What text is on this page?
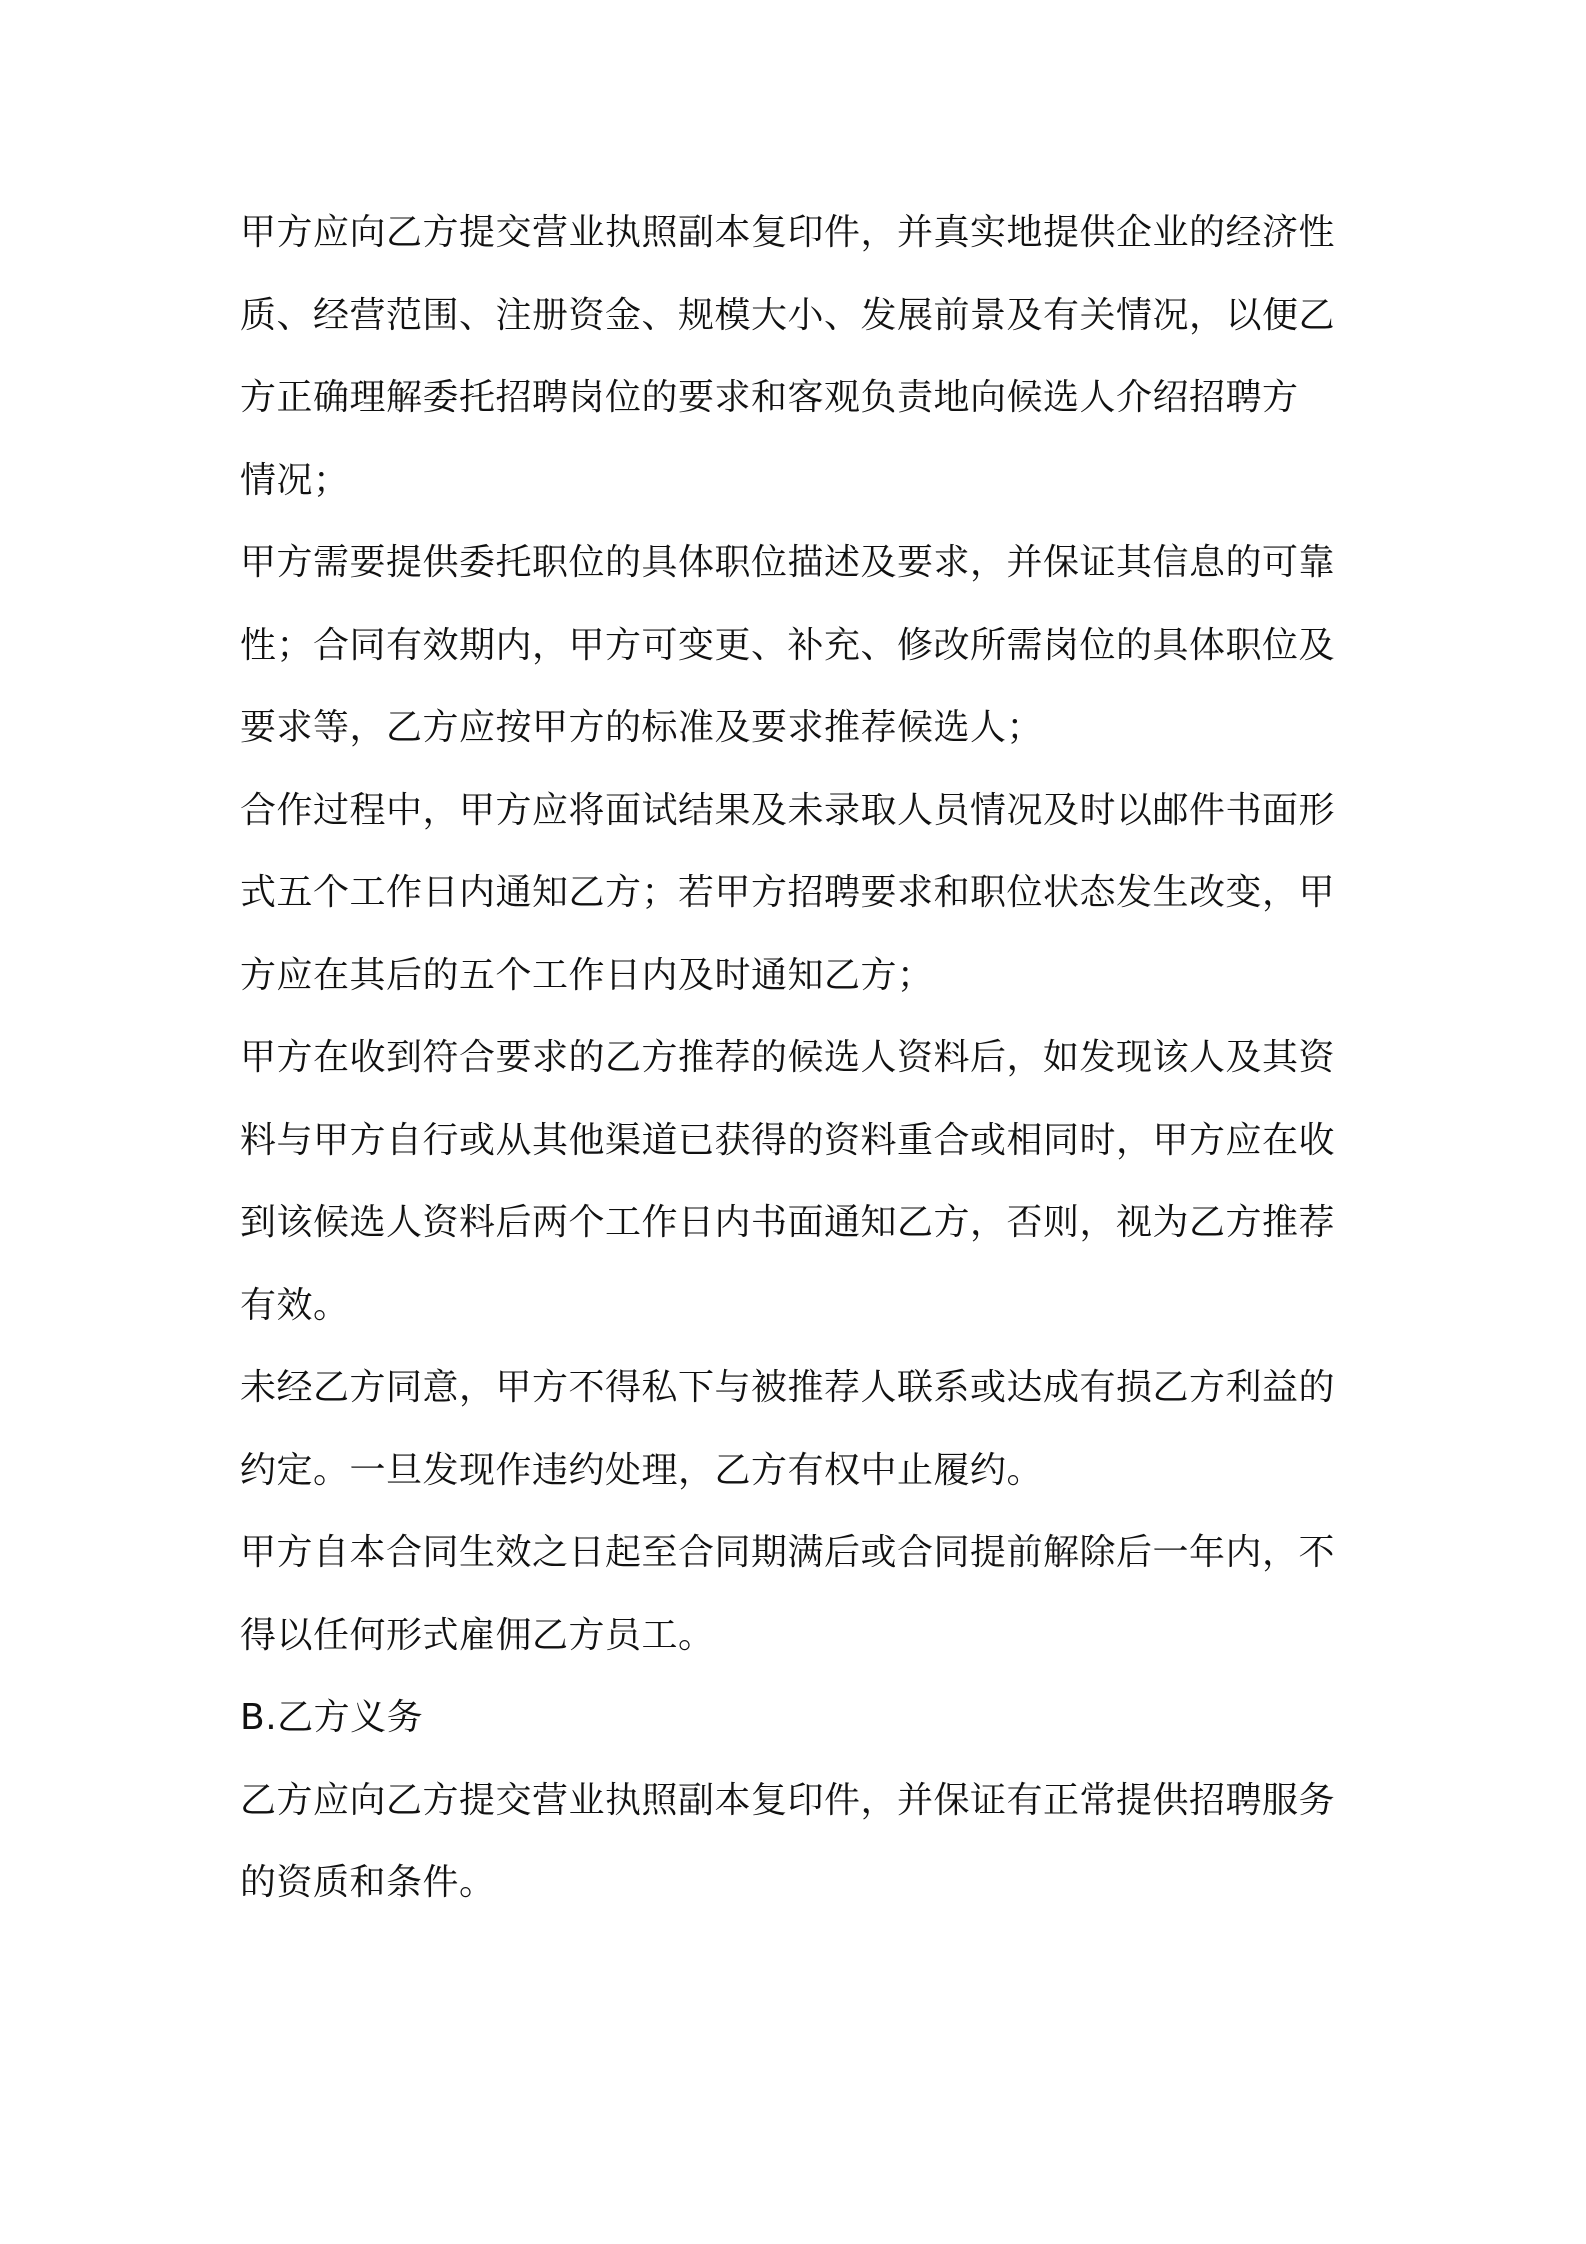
甲方应向乙方提交营业执照副本复印件，并真实地提供企业的经济性
质、经营范围、注册资金、规模大小、发展前景及有关情况，以便乙
方正确理解委托招聘岗位的要求和客观负责地向候选人介绍招聘方
情况；

甲方需要提供委托职位的具体职位描述及要求，并保证其信息的可靠
性；合同有效期内，甲方可变更、补充、修改所需岗位的具体职位及
要求等，乙方应按甲方的标准及要求推荐候选人；

合作过程中，甲方应将面试结果及未录取人员情况及时以邮件书面形
式五个工作日内通知乙方；若甲方招聘要求和职位状态发生改变，甲
方应在其后的五个工作日内及时通知乙方；

甲方在收到符合要求的乙方推荐的候选人资料后，如发现该人及其资
料与甲方自行或从其他渠道已获得的资料重合或相同时，甲方应在收
到该候选人资料后两个工作日内书面通知乙方，否则，视为乙方推荐
有效。

未经乙方同意，甲方不得私下与被推荐人联系或达成有损乙方利益的
约定。一旦发现作违约处理，乙方有权中止履约。

甲方自本合同生效之日起至合同期满后或合同提前解除后一年内，不
得以任何形式雇佣乙方员工。

B.乙方义务

乙方应向乙方提交营业执照副本复印件，并保证有正常提供招聘服务
的资质和条件。
